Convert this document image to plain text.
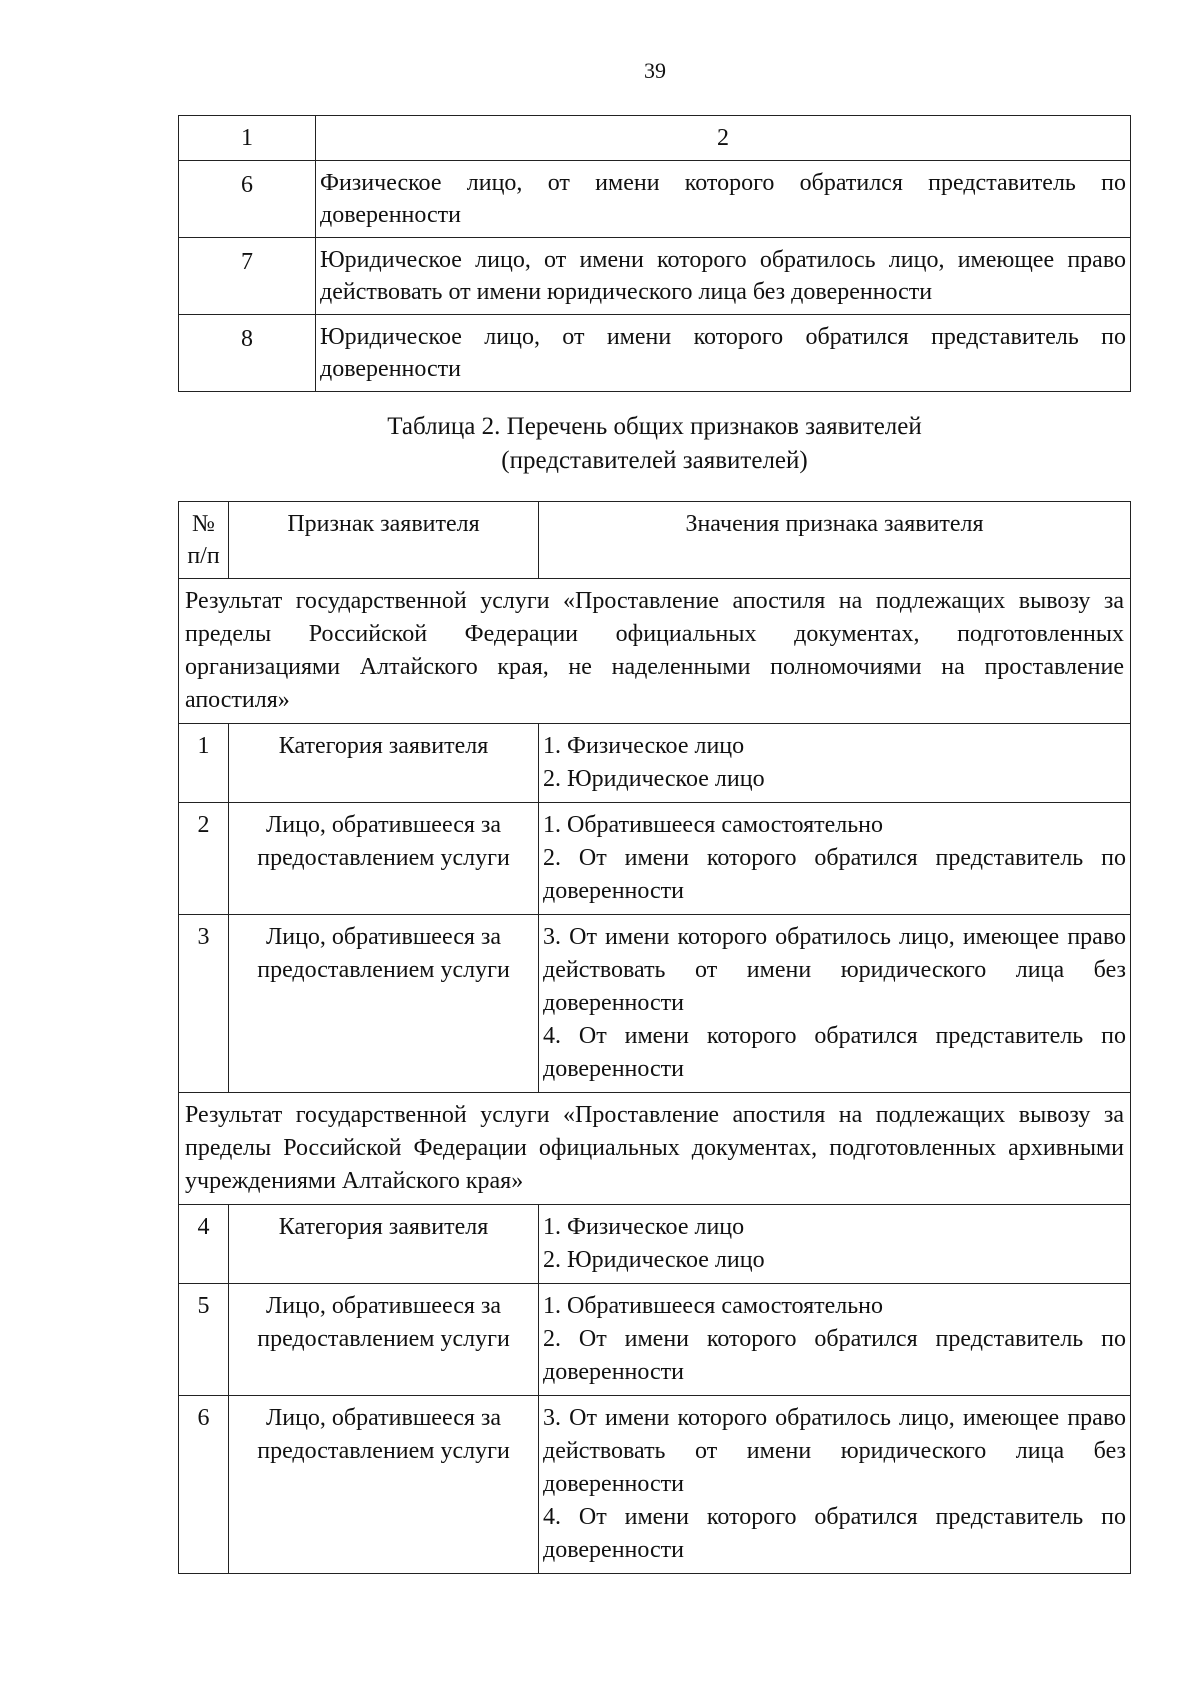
39
1	2
6	Физическое лицо, от имени которого обратился представитель по доверенности
7	Юридическое лицо, от имени которого обратилось лицо, имеющее право действовать от имени юридического лица без доверенности
8	Юридическое лицо, от имени которого обратился представитель по доверенности
Таблица 2. Перечень общих признаков заявителей
(представителей заявителей)
№ п/п	Признак заявителя	Значения признака заявителя
Результат государственной услуги «Проставление апостиля на подлежащих вывозу за пределы Российской Федерации официальных документах, подготовленных организациями Алтайского края, не наделенными полномочиями на проставление апостиля»		
1	Категория заявителя	1. Физическое лицо
2. Юридическое лицо

2	Лицо, обратившееся за предоставлением услуги	1. Обратившееся самостоятельно
2. От имени которого обратился представитель по доверенности

3	Лицо, обратившееся за предоставлением услуги	3. От имени которого обратилось лицо, имеющее право действовать от имени юридического лица без доверенности
4. От имени которого обратился представитель по доверенности

Результат государственной услуги «Проставление апостиля на подлежащих вывозу за пределы Российской Федерации официальных документах, подготовленных архивными учреждениями Алтайского края»		
4	Категория заявителя	1. Физическое лицо
2. Юридическое лицо

5	Лицо, обратившееся за предоставлением услуги	1. Обратившееся самостоятельно
2. От имени которого обратился представитель по доверенности

6	Лицо, обратившееся за предоставлением услуги	3. От имени которого обратилось лицо, имеющее право действовать от имени юридического лица без доверенности
4. От имени которого обратился представитель по доверенности
